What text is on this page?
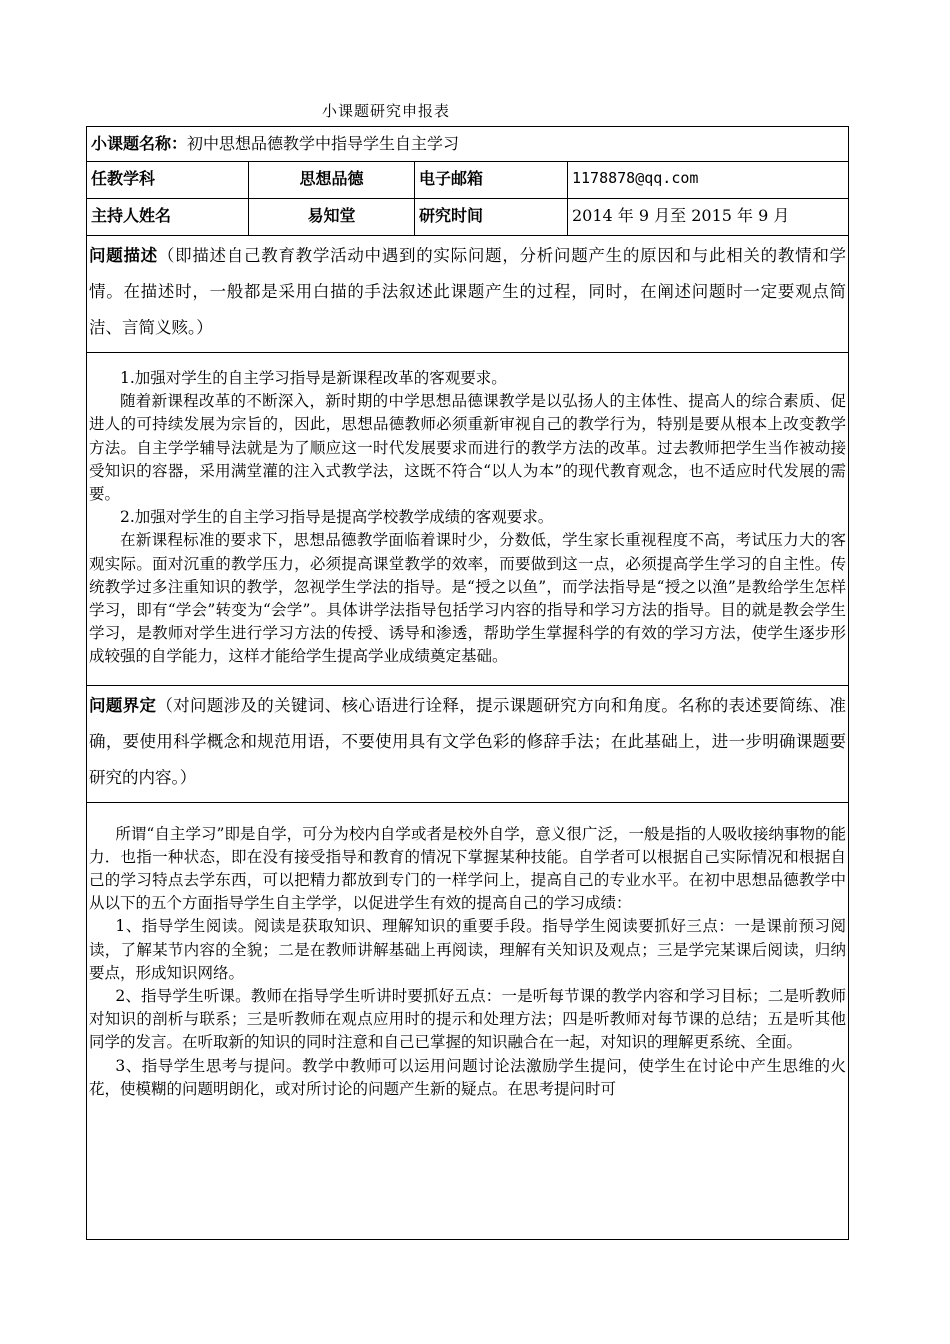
小课题研究申报表
小课题名称：初中思想品德教学中指导学生自主学习			
任教学科	思想品德	电子邮箱	1178878@qq.com
主持人姓名	易知堂	研究时间	2014 年 9 月至 2015 年 9 月
问题描述（即描述自己教育教学活动中遇到的实际问题，分析问题产生的原因和与此相关的教情和学情。在描述时，一般都是采用白描的手法叙述此课题产生的过程，同时，在阐述问题时一定要观点简洁、言简义赅。）			

1.加强对学生的自主学习指导是新课程改革的客观要求。

随着新课程改革的不断深入，新时期的中学思想品德课教学是以弘扬人的主体性、提高人的综合素质、促进人的可持续发展为宗旨的，因此，思想品德教师必须重新审视自己的教学行为，特别是要从根本上改变教学方法。自主学学辅导法就是为了顺应这一时代发展要求而进行的教学方法的改革。过去教师把学生当作被动接受知识的容器，采用满堂灌的注入式教学法，这既不符合“以人为本”的现代教育观念，也不适应时代发展的需要。

2.加强对学生的自主学习指导是提高学校教学成绩的客观要求。

在新课程标准的要求下，思想品德教学面临着课时少，分数低，学生家长重视程度不高，考试压力大的客观实际。面对沉重的教学压力，必须提高课堂教学的效率，而要做到这一点，必须提高学生学习的自主性。传统教学过多注重知识的教学，忽视学生学法的指导。是“授之以鱼”，而学法指导是“授之以渔”是教给学生怎样学习，即有“学会”转变为“会学”。具体讲学法指导包括学习内容的指导和学习方法的指导。目的就是教会学生学习，是教师对学生进行学习方法的传授、诱导和渗透，帮助学生掌握科学的有效的学习方法，使学生逐步形成较强的自学能力，这样才能给学生提高学业成绩奠定基础。			

问题界定（对问题涉及的关键词、核心语进行诠释，提示课题研究方向和角度。名称的表述要简练、准确，要使用科学概念和规范用语，不要使用具有文学色彩的修辞手法；在此基础上，进一步明确课题要研究的内容。）			

所谓“自主学习”即是自学，可分为校内自学或者是校外自学，意义很广泛，一般是指的人吸收接纳事物的能力．也指一种状态，即在没有接受指导和教育的情况下掌握某种技能。自学者可以根据自己实际情况和根据自己的学习特点去学东西，可以把精力都放到专门的一样学问上，提高自己的专业水平。在初中思想品德教学中从以下的五个方面指导学生自主学学，以促进学生有效的提高自己的学习成绩：

1、指导学生阅读。阅读是获取知识、理解知识的重要手段。指导学生阅读要抓好三点：一是课前预习阅读，了解某节内容的全貌；二是在教师讲解基础上再阅读，理解有关知识及观点；三是学完某课后阅读，归纳要点，形成知识网络。

2、指导学生听课。教师在指导学生听讲时要抓好五点：一是听每节课的教学内容和学习目标；二是听教师对知识的剖析与联系；三是听教师在观点应用时的提示和处理方法；四是听教师对每节课的总结；五是听其他同学的发言。在听取新的知识的同时注意和自己已掌握的知识融合在一起，对知识的理解更系统、全面。

3、指导学生思考与提问。教学中教师可以运用问题讨论法激励学生提问，使学生在讨论中产生思维的火花，使模糊的问题明朗化，或对所讨论的问题产生新的疑点。在思考提问时可			
